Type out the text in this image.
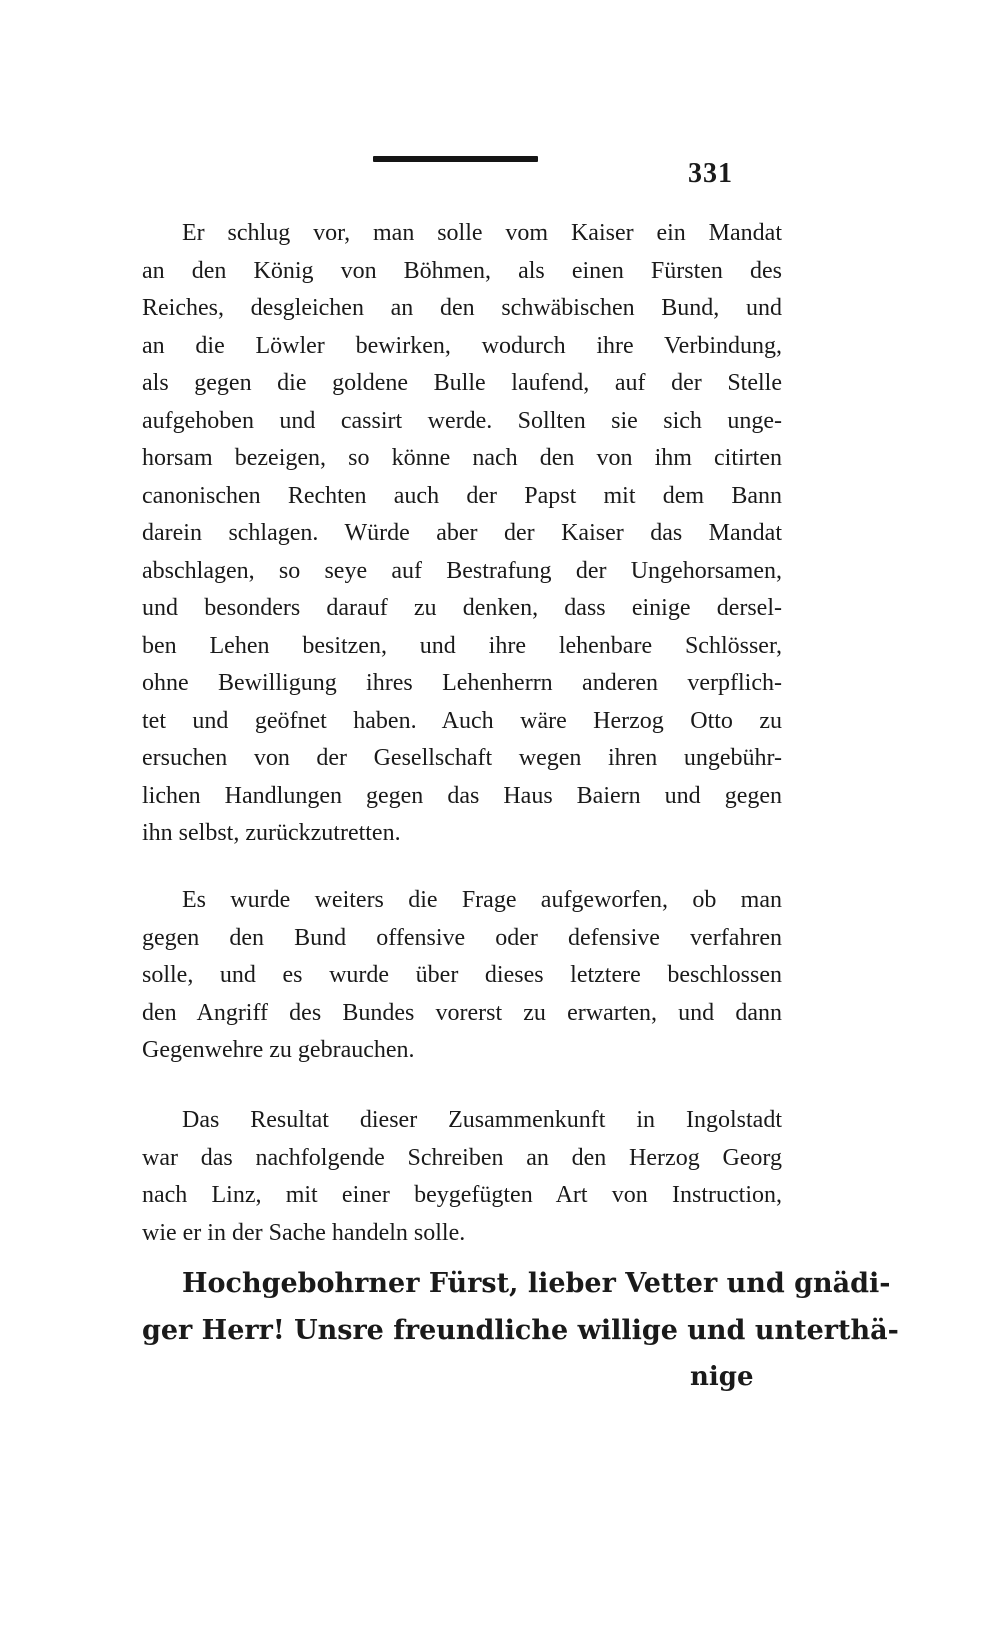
331
Er schlug vor, man solle vom Kaiser ein Mandat
an den König von Böhmen, als einen Fürsten des
Reiches, desgleichen an den schwäbischen Bund, und
an die Löwler bewirken, wodurch ihre Verbindung,
als gegen die goldene Bulle laufend, auf der Stelle
aufgehoben und cassirt werde. Sollten sie sich unge-
horsam bezeigen, so könne nach den von ihm citirten
canonischen Rechten auch der Papst mit dem Bann
darein schlagen. Würde aber der Kaiser das Mandat
abschlagen, so seye auf Bestrafung der Ungehorsamen,
und besonders darauf zu denken, dass einige dersel-
ben Lehen besitzen, und ihre lehenbare Schlösser,
ohne Bewilligung ihres Lehenherrn anderen verpflich-
tet und geöfnet haben. Auch wäre Herzog Otto zu
ersuchen von der Gesellschaft wegen ihren ungebühr-
lichen Handlungen gegen das Haus Baiern und gegen
ihn selbst, zurückzutretten.
Es wurde weiters die Frage aufgeworfen, ob man
gegen den Bund offensive oder defensive verfahren
solle, und es wurde über dieses letztere beschlossen
den Angriff des Bundes vorerst zu erwarten, und dann
Gegenwehre zu gebrauchen.
Das Resultat dieser Zusammenkunft in Ingolstadt
war das nachfolgende Schreiben an den Herzog Georg
nach Linz, mit einer beygefügten Art von Instruction,
wie er in der Sache handeln solle.
Hochgebohrner Fürst, lieber Vetter und gnädi-
ger Herr! Unsre freundliche willige und unterthä-
nige
